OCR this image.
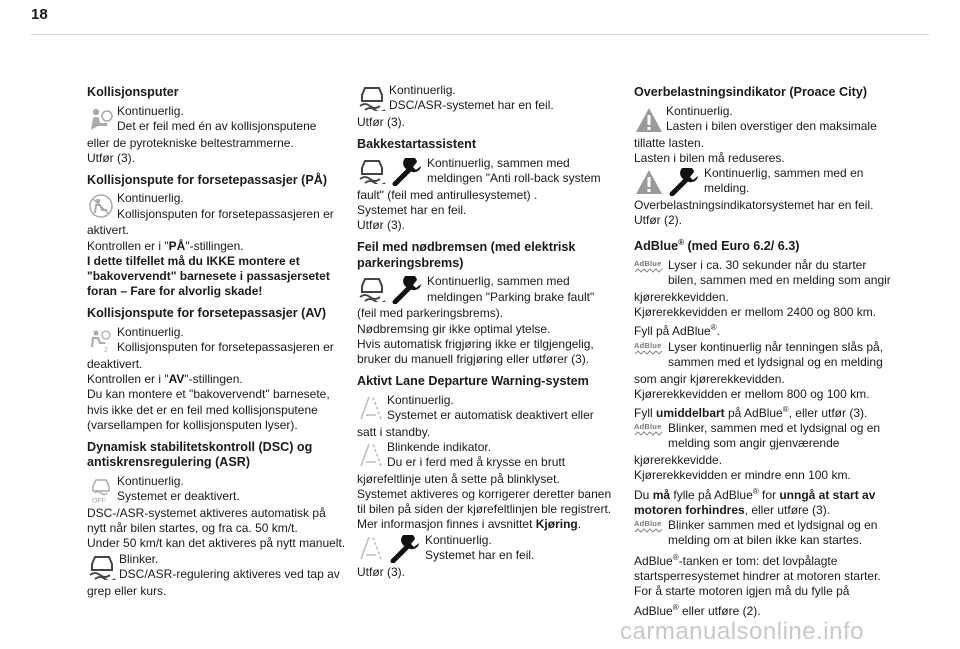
18
Kollisjonsputer
Kontinuerlig.
Det er feil med én av kollisjonsputene
eller de pyrotekniske beltestrammerne.
Utfør (3).
Kollisjonspute for forsetepassasjer (PÅ)
Kontinuerlig.
Kollisjonsputen for forsetepassasjeren er
aktivert.
Kontrollen er i "PÅ"-stillingen.
I dette tilfellet må du IKKE montere et
"bakovervendt" barnesete i passasjersetet
foran – Fare for alvorlig skade!
Kollisjonspute for forsetepassasjer (AV)
2
Kontinuerlig.
Kollisjonsputen for forsetepassasjeren er
deaktivert.
Kontrollen er i "AV"-stillingen.
Du kan montere et "bakovervendt" barnesete,
hvis ikke det er en feil med kollisjonsputene
(varsellampen for kollisjonsputen lyser).
Dynamisk stabilitetskontroll (DSC) og
antiskrensregulering (ASR)
OFF
Kontinuerlig.
Systemet er deaktivert.
DSC-/ASR-systemet aktiveres automatisk på
nytt når bilen startes, og fra ca. 50 km/t.
Under 50 km/t kan det aktiveres på nytt manuelt.
Blinker.
DSC/ASR-regulering aktiveres ved tap av
grep eller kurs.
Kontinuerlig.
DSC/ASR-systemet har en feil.
Utfør (3).
Bakkestartassistent
Kontinuerlig, sammen med
meldingen "Anti roll-back system
fault" (feil med antirullesystemet) .
Systemet har en feil.
Utfør (3).
Feil med nødbremsen (med elektrisk
parkeringsbrems)
Kontinuerlig, sammen med
meldingen "Parking brake fault"
(feil med parkeringsbrems).
Nødbremsing gir ikke optimal ytelse.
Hvis automatisk frigjøring ikke er tilgjengelig,
bruker du manuell frigjøring eller utfører (3).
Aktivt Lane Departure Warning-system
Kontinuerlig.
Systemet er automatisk deaktivert eller
satt i standby.
Blinkende indikator.
Du er i ferd med å krysse en brutt
kjørefeltlinje uten å sette på blinklyset.
Systemet aktiveres og korrigerer deretter banen
til bilen på siden der kjørefeltlinjen ble registrert.
Mer informasjon finnes i avsnittet Kjøring.
Kontinuerlig.
Systemet har en feil.
Utfør (3).
Overbelastningsindikator (Proace City)
Kontinuerlig.
Lasten i bilen overstiger den maksimale
tillatte lasten.
Lasten i bilen må reduseres.
Kontinuerlig, sammen med en
melding.
Overbelastningsindikatorsystemet har en feil.
Utfør (2).
AdBlue® (med Euro 6.2/ 6.3)
AdBlue Lyser i ca. 30 sekunder når du starter
bilen, sammen med en melding som angir
kjørerekkevidden.
Kjørerekkevidden er mellom 2400 og 800 km.
Fyll på AdBlue®.
AdBlue Lyser kontinuerlig når tenningen slås på,
sammen med et lydsignal og en melding
som angir kjørerekkevidden.
Kjørerekkevidden er mellom 800 og 100 km.
Fyll umiddelbart på AdBlue®, eller utfør (3).
AdBlue Blinker, sammen med et lydsignal og en
melding som angir gjenværende
kjørerekkevidde.
Kjørerekkevidden er mindre enn 100 km.
Du må fylle på AdBlue® for unngå at start av
motoren forhindres, eller utføre (3).
AdBlue Blinker sammen med et lydsignal og en
melding om at bilen ikke kan startes.
AdBlue®-tanken er tom: det lovpålagte
startsperresystemet hindrer at motoren starter.
For å starte motoren igjen må du fylle på
AdBlue® eller utføre (2).
carmanualsonline.info
